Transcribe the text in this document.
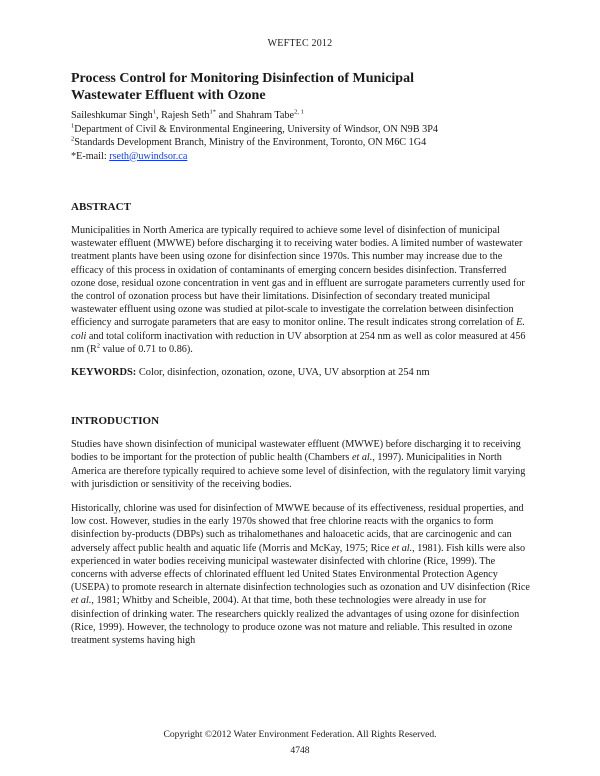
WEFTEC 2012
Process Control for Monitoring Disinfection of Municipal
Wastewater Effluent with Ozone
Saileshkumar Singh$^1$, Rajesh Seth$^{1*}$ and Shahram Tabe$^{2, 1}$
$^1$Department of Civil & Environmental Engineering, University of Windsor, ON N9B 3P4
$^2$Standards Development Branch, Ministry of the Environment, Toronto, ON M6C 1G4
*E-mail: rseth@uwindsor.ca
ABSTRACT

Municipalities in North America are typically required to achieve some level of disinfection of municipal wastewater effluent (MWWE) before discharging it to receiving water bodies. A limited number of wastewater treatment plants have been using ozone for disinfection since 1970s. This number may increase due to the efficacy of this process in oxidation of contaminants of emerging concern besides disinfection. Transferred ozone dose, residual ozone concentration in vent gas and in effluent are surrogate parameters currently used for the control of ozonation process but have their limitations. Disinfection of secondary treated municipal wastewater effluent using ozone was studied at pilot-scale to investigate the correlation between disinfection efficiency and surrogate parameters that are easy to monitor online. The result indicates strong correlation of E. coli and total coliform inactivation with reduction in UV absorption at 254 nm as well as color measured at 456 nm ($R^2$ value of 0.71 to 0.86).

KEYWORDS: Color, disinfection, ozonation, ozone, UVA, UV absorption at 254 nm

INTRODUCTION

Studies have shown disinfection of municipal wastewater effluent (MWWE) before discharging it to receiving bodies to be important for the protection of public health (Chambers et al., 1997). Municipalities in North America are therefore typically required to achieve some level of disinfection, with the regulatory limit varying with jurisdiction or sensitivity of the receiving bodies.

Historically, chlorine was used for disinfection of MWWE because of its effectiveness, residual properties, and low cost. However, studies in the early 1970s showed that free chlorine reacts with the organics to form disinfection by-products (DBPs) such as trihalomethanes and haloacetic acids, that are carcinogenic and can adversely affect public health and aquatic life (Morris and McKay, 1975; Rice et al., 1981). Fish kills were also experienced in water bodies receiving municipal wastewater disinfected with chlorine (Rice, 1999). The concerns with adverse effects of chlorinated effluent led United States Environmental Protection Agency (USEPA) to promote research in alternate disinfection technologies such as ozonation and UV disinfection (Rice et al., 1981; Whitby and Scheible, 2004). At that time, both these technologies were already in use for disinfection of drinking water. The researchers quickly realized the advantages of using ozone for disinfection (Rice, 1999). However, the technology to produce ozone was not mature and reliable. This resulted in ozone treatment systems having high

Copyright ©2012 Water Environment Federation. All Rights Reserved.
4748
